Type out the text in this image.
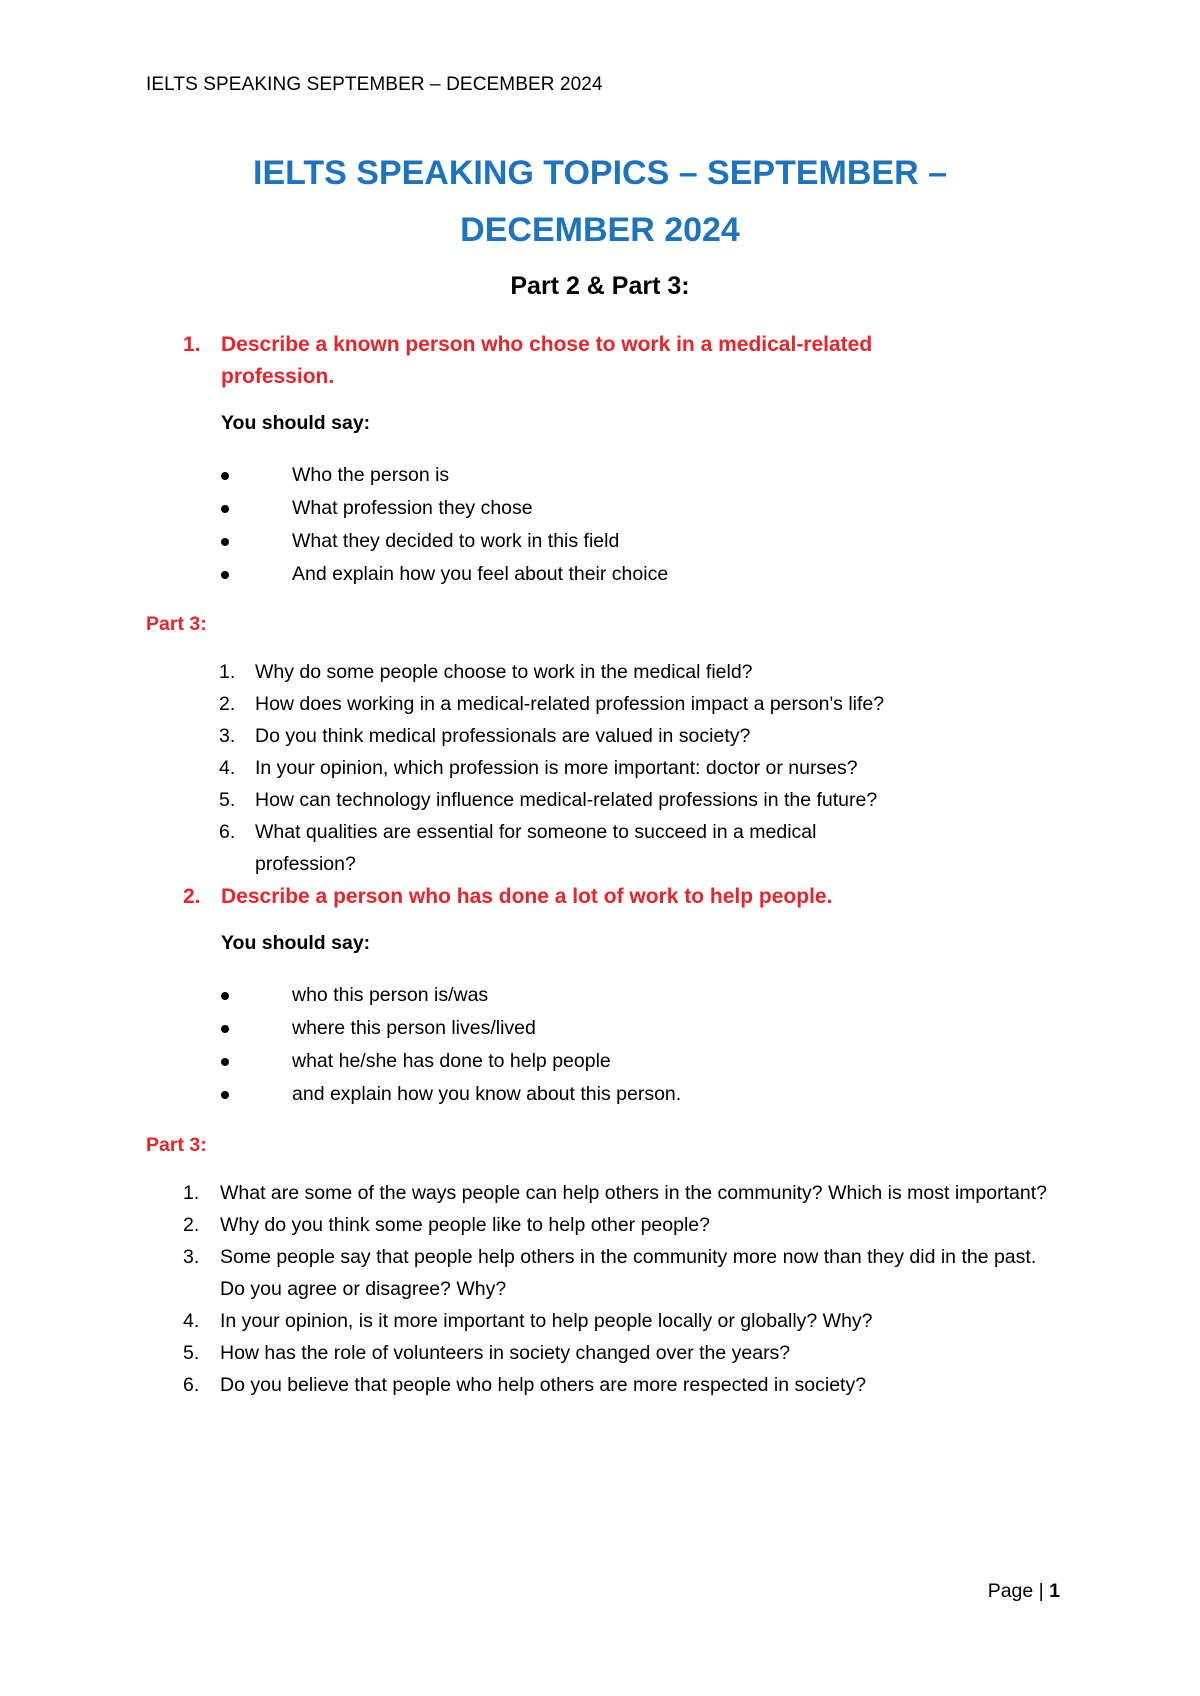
IELTS SPEAKING SEPTEMBER – DECEMBER 2024
IELTS SPEAKING TOPICS – SEPTEMBER –
DECEMBER 2024
Part 2 & Part 3:
1. Describe a known person who chose to work in a medical-related profession.
You should say:
Who the person is
What profession they chose
What they decided to work in this field
And explain how you feel about their choice
Part 3:
1. Why do some people choose to work in the medical field?
2. How does working in a medical-related profession impact a person's life?
3. Do you think medical professionals are valued in society?
4. In your opinion, which profession is more important: doctor or nurses?
5. How can technology influence medical-related professions in the future?
6. What qualities are essential for someone to succeed in a medical profession?
2. Describe a person who has done a lot of work to help people.
You should say:
who this person is/was
where this person lives/lived
what he/she has done to help people
and explain how you know about this person.
Part 3:
1. What are some of the ways people can help others in the community? Which is most important?
2. Why do you think some people like to help other people?
3. Some people say that people help others in the community more now than they did in the past. Do you agree or disagree? Why?
4. In your opinion, is it more important to help people locally or globally? Why?
5. How has the role of volunteers in society changed over the years?
6. Do you believe that people who help others are more respected in society?
Page | 1
